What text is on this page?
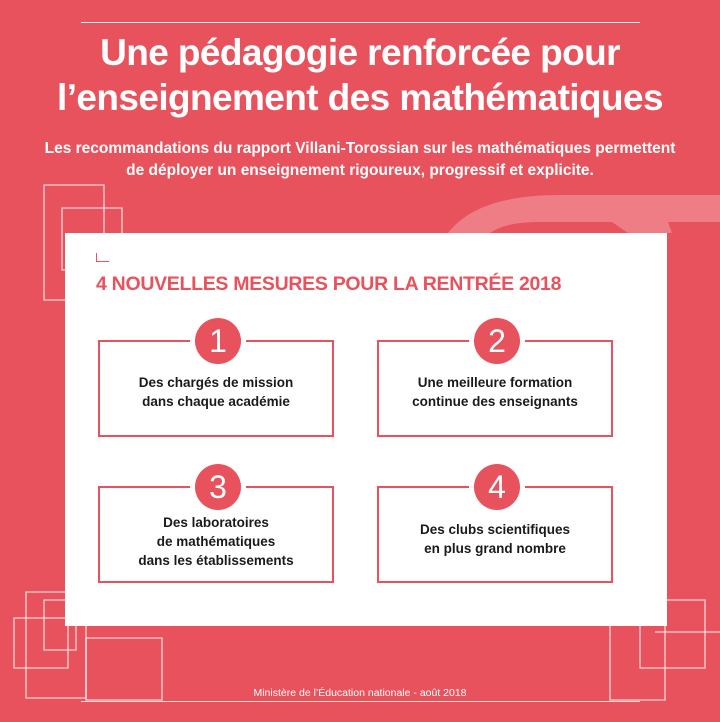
Une pédagogie renforcée pour
l’enseignement des mathématiques
Les recommandations du rapport Villani-Torossian sur les mathématiques permettent
de déployer un enseignement rigoureux, progressif et explicite.
4 NOUVELLES MESURES POUR LA RENTRÉE 2018
1
Des chargés de mission
dans chaque académie
2
Une meilleure formation
continue des enseignants
3
Des laboratoires
de mathématiques
dans les établissements
4
Des clubs scientifiques
en plus grand nombre
Ministère de l’Éducation nationale - août 2018
